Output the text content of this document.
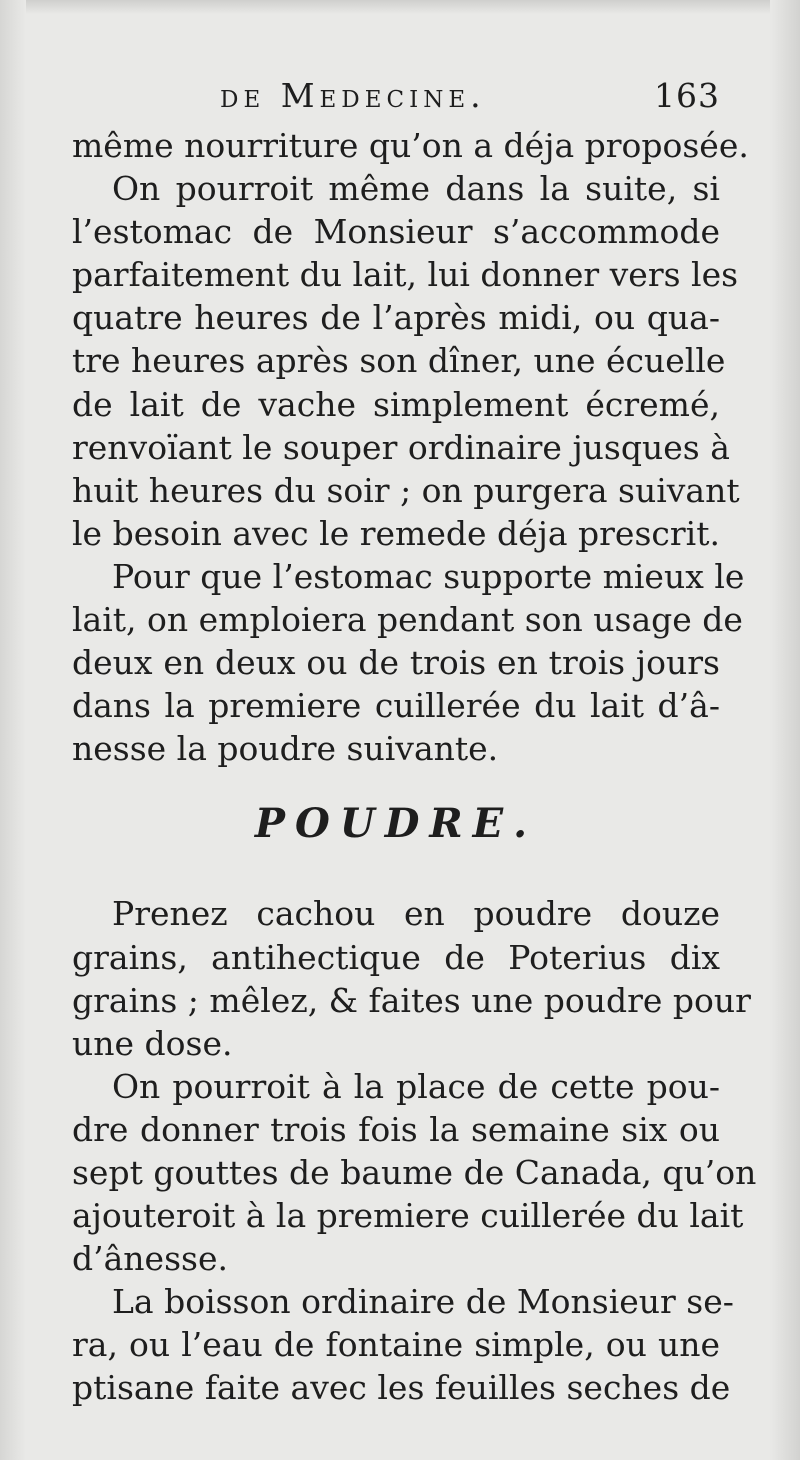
de Medecine.	163
même nourriture qu’on a déja proposée.
On pourroit même dans la suite, si
l’estomac de Monsieur s’accommode
parfaitement du lait, lui donner vers les
quatre heures de l’après midi, ou qua-
tre heures après son dîner, une écuelle
de lait de vache simplement écremé,
renvoïant le souper ordinaire jusques à
huit heures du soir ; on purgera suivant
le besoin avec le remede déja prescrit.
Pour que l’estomac supporte mieux le
lait, on emploiera pendant son usage de
deux en deux ou de trois en trois jours
dans la premiere cuillerée du lait d’â-
nesse la poudre suivante.
POUDRE.
Prenez cachou en poudre douze
grains, antihectique de Poterius dix
grains ; mêlez, & faites une poudre pour
une dose.
On pourroit à la place de cette pou-
dre donner trois fois la semaine six ou
sept gouttes de baume de Canada, qu’on
ajouteroit à la premiere cuillerée du lait
d’ânesse.
La boisson ordinaire de Monsieur se-
ra, ou l’eau de fontaine simple, ou une
ptisane faite avec les feuilles seches de
